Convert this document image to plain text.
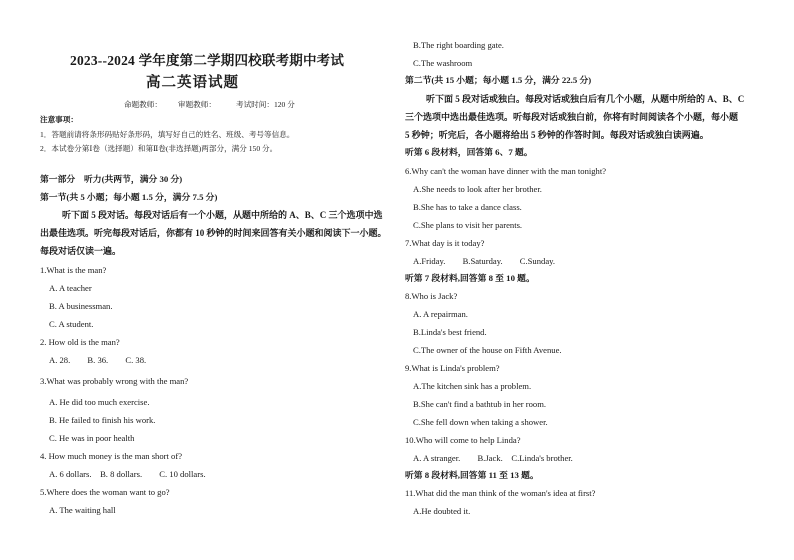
2023--2024 学年度第二学期四校联考期中考试
高二英语试题
命题教师： 审题教师：	考试时间：120 分
注意事项：
1．答题前请将条形码贴好条形码，填写好自己的姓名、班级、考号等信息。
2．本试卷分第Ⅰ卷（选择题）和第Ⅱ卷(非选择题)两部分，满分 150 分。
第一部分　听力(共两节，满分 30 分)
第一节(共 5 小题；每小题 1.5 分，满分 7.5 分)
听下面 5 段对话。每段对话后有一个小题，从题中所给的 A、B、C 三个选项中选
出最佳选项。听完每段对话后，你都有 10 秒钟的时间来回答有关小题和阅读下一小题。
每段对话仅读一遍。
1.What is the man?
A. A teacher
B. A businessman.
C. A student.
2. How old is the man?
A. 28.　　B. 36.　　C. 38.
3.What was probably wrong with the man?
A. He did too much exercise.
B. He failed to finish his work.
C. He was in poor health
4. How much money is the man short of?
A. 6 dollars.　B. 8 dollars.　　C. 10 dollars.
5.Where does the woman want to go?
A. The waiting hall
B.The right boarding gate.
C.The washroom
第二节(共 15 小题；每小题 1.5 分，满分 22.5 分)
听下面 5 段对话或独白。每段对话或独白后有几个小题，从题中所给的 A、B、C
三个选项中选出最佳选项。听每段对话或独白前，你将有时间阅读各个小题，每小题
5 秒钟；听完后，各小题将给出 5 秒钟的作答时间。每段对话或独白读两遍。
听第 6 段材料，回答第 6、7 题。
6.Why can't the woman have dinner with the man tonight?
A.She needs to look after her brother.
B.She has to take a dance class.
C.She plans to visit her parents.
7.What day is it today?
A.Friday.　　B.Saturday.　　C.Sunday.
听第 7 段材料,回答第 8 至 10 题。
8.Who is Jack?
A. A repairman.
B.Linda's best friend.
C.The owner of the house on Fifth Avenue.
9.What is Linda's problem?
A.The kitchen sink has a problem.
B.She can't find a bathtub in her room.
C.She fell down when taking a shower.
10.Who will come to help Linda?
A. A stranger.　　B.Jack.　C.Linda's brother.
听第 8 段材料,回答第 11 至 13 题。
11.What did the man think of the woman's idea at first?
A.He doubted it.
